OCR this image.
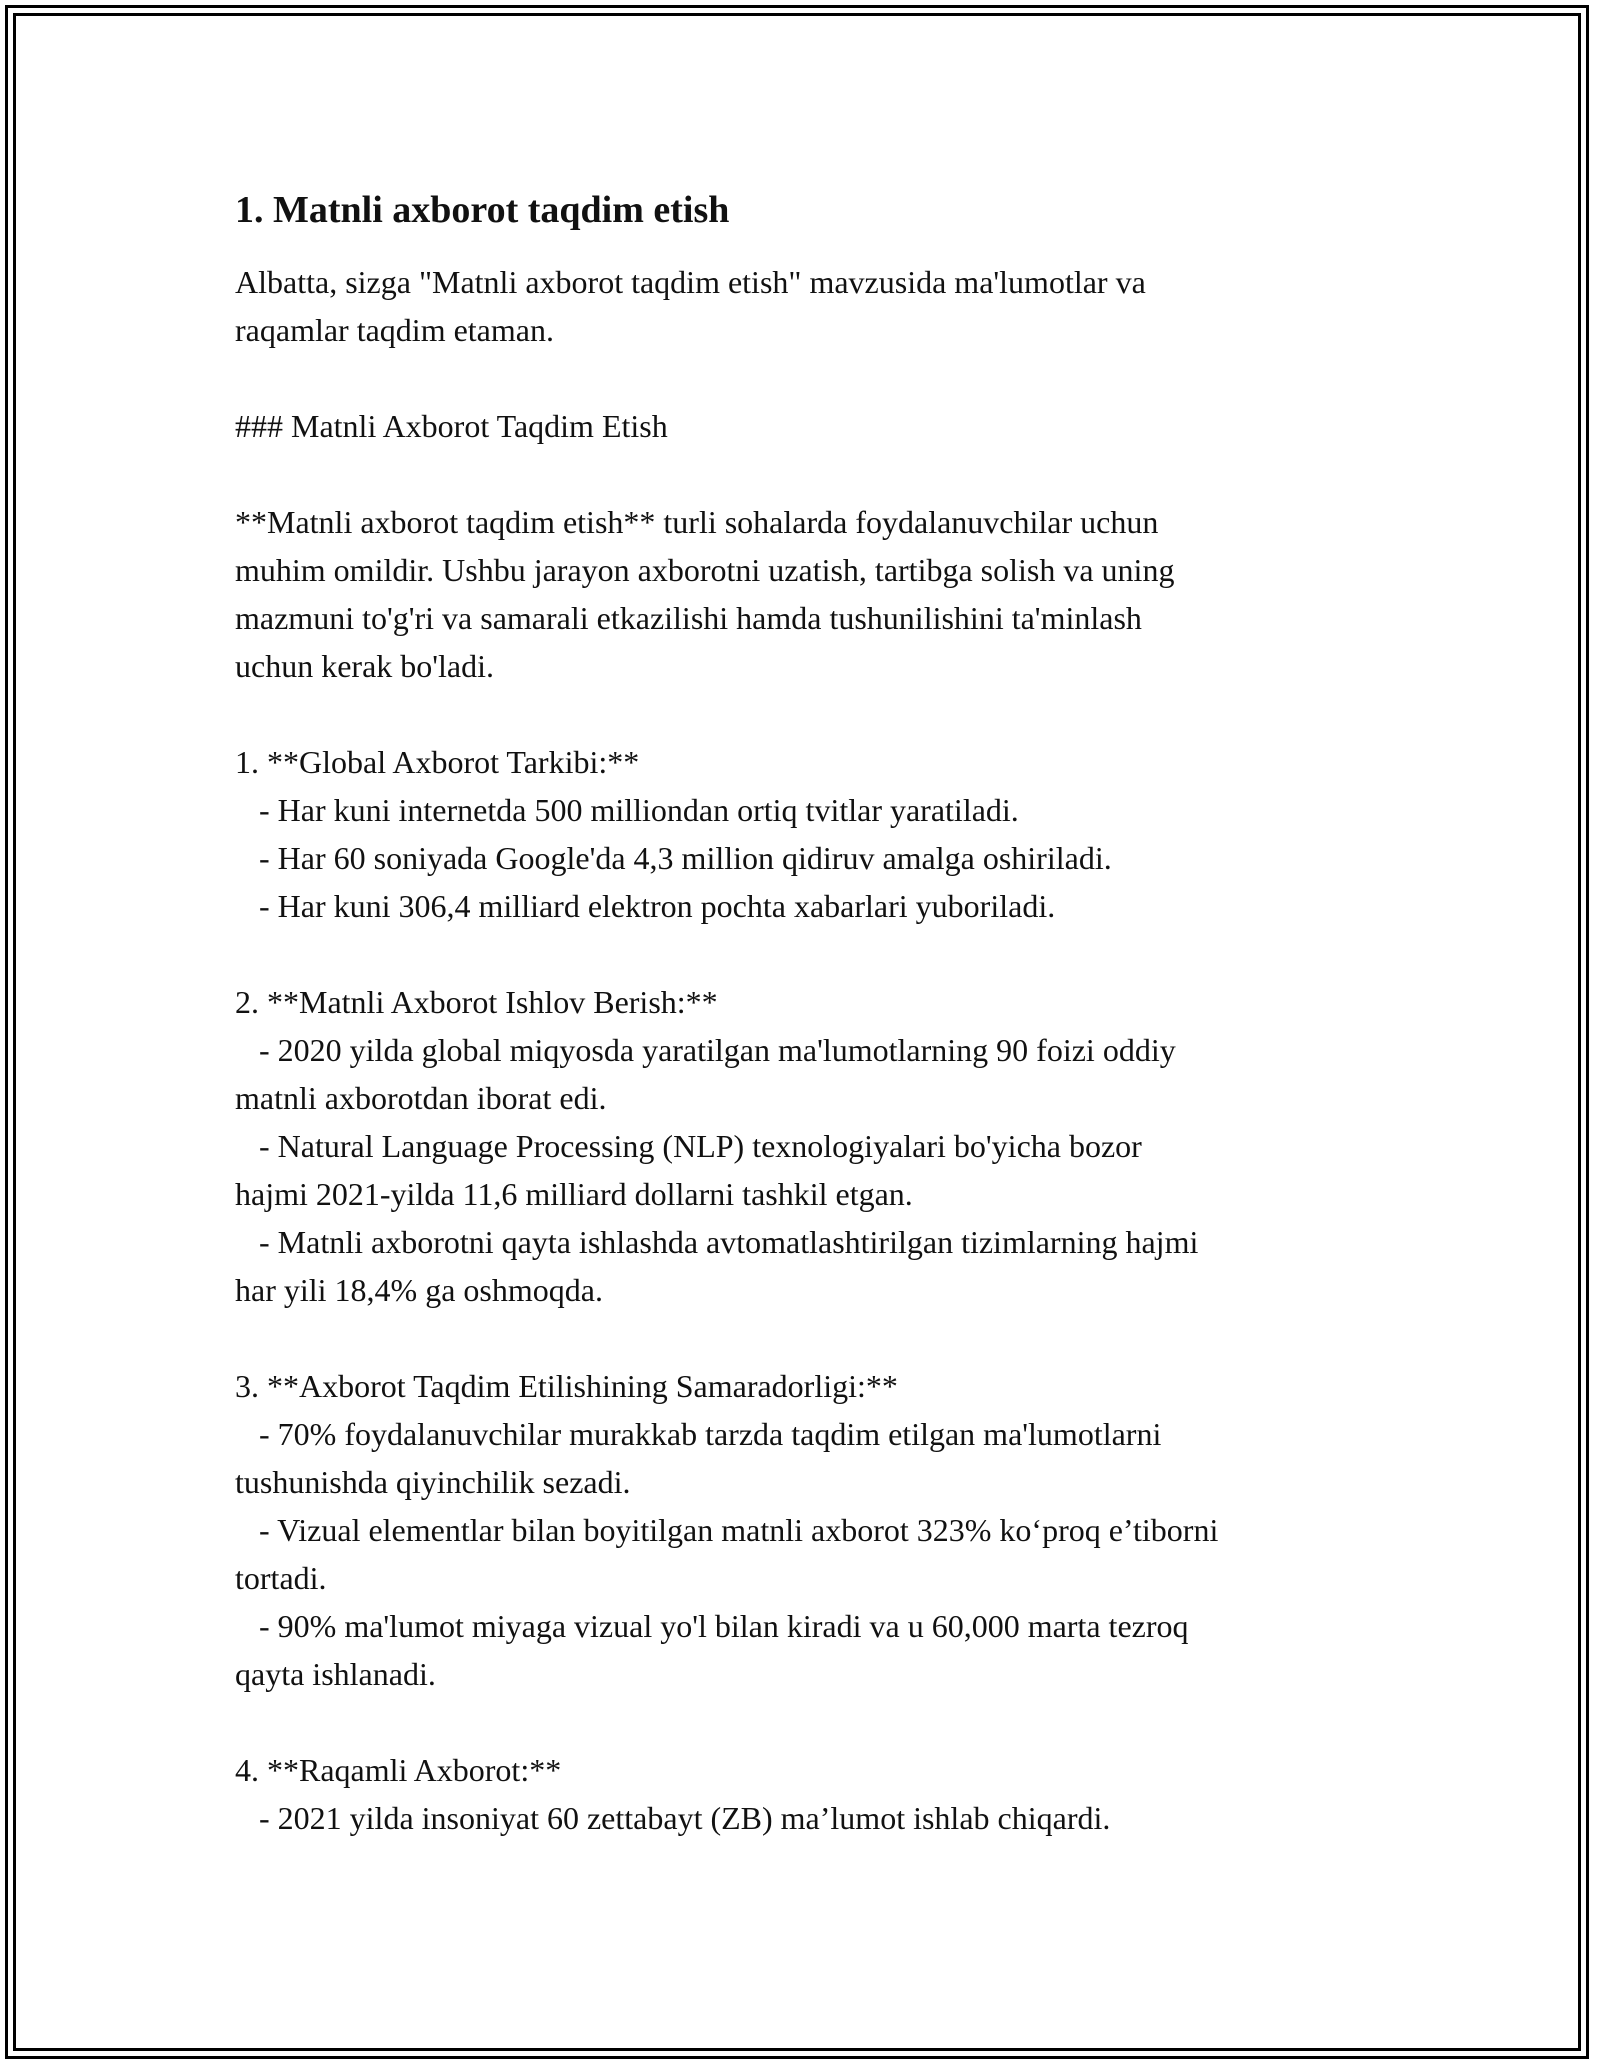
1. Matnli axborot taqdim etish

Albatta, sizga "Matnli axborot taqdim etish" mavzusida ma'lumotlar va
raqamlar taqdim etaman.

### Matnli Axborot Taqdim Etish

**Matnli axborot taqdim etish** turli sohalarda foydalanuvchilar uchun
muhim omildir. Ushbu jarayon axborotni uzatish, tartibga solish va uning
mazmuni to'g'ri va samarali etkazilishi hamda tushunilishini ta'minlash
uchun kerak bo'ladi.

1. **Global Axborot Tarkibi:**
- Har kuni internetda 500 milliondan ortiq tvitlar yaratiladi.
- Har 60 soniyada Google'da 4,3 million qidiruv amalga oshiriladi.
- Har kuni 306,4 milliard elektron pochta xabarlari yuboriladi.

2. **Matnli Axborot Ishlov Berish:**
- 2020 yilda global miqyosda yaratilgan ma'lumotlarning 90 foizi oddiy
matnli axborotdan iborat edi.
- Natural Language Processing (NLP) texnologiyalari bo'yicha bozor
hajmi 2021-yilda 11,6 milliard dollarni tashkil etgan.
- Matnli axborotni qayta ishlashda avtomatlashtirilgan tizimlarning hajmi
har yili 18,4% ga oshmoqda.

3. **Axborot Taqdim Etilishining Samaradorligi:**
- 70% foydalanuvchilar murakkab tarzda taqdim etilgan ma'lumotlarni
tushunishda qiyinchilik sezadi.
- Vizual elementlar bilan boyitilgan matnli axborot 323% ko‘proq e’tiborni
tortadi.
- 90% ma'lumot miyaga vizual yo'l bilan kiradi va u 60,000 marta tezroq
qayta ishlanadi.

4. **Raqamli Axborot:**
- 2021 yilda insoniyat 60 zettabayt (ZB) ma’lumot ishlab chiqardi.
